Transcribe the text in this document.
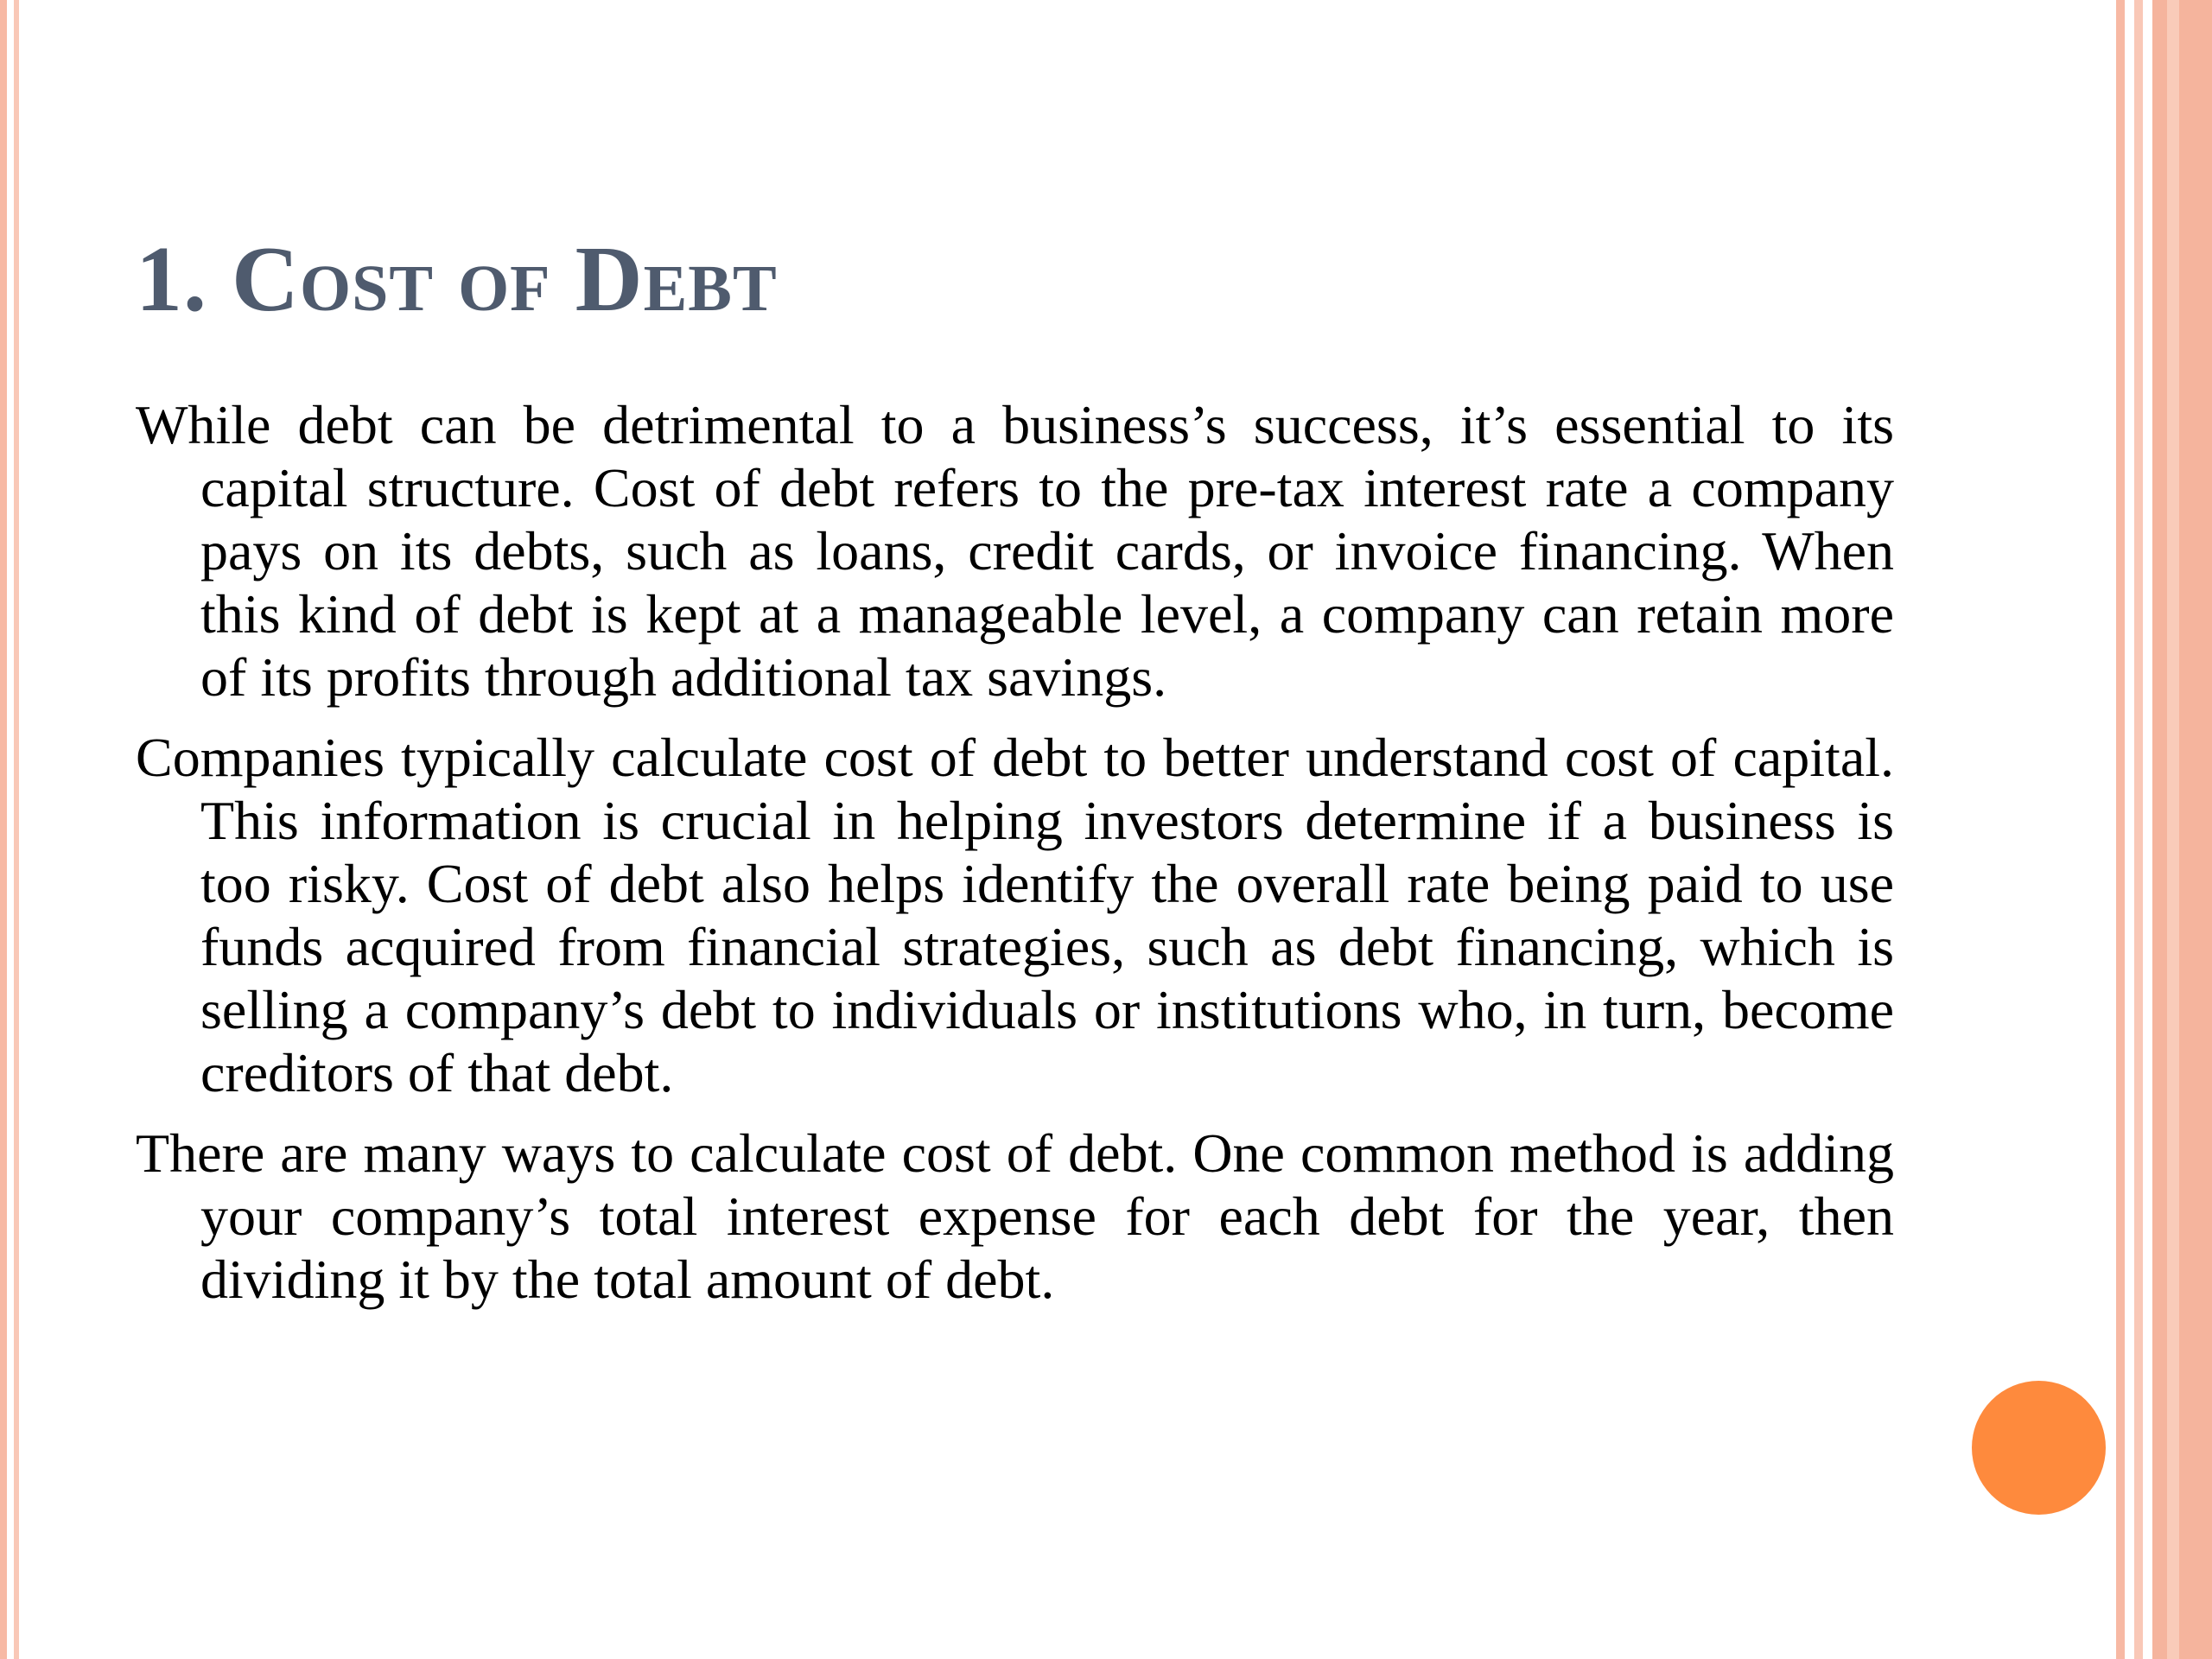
1. Cost of Debt

While debt can be detrimental to a business’s success, it’s essential to its capital structure. Cost of debt refers to the pre-tax interest rate a company pays on its debts, such as loans, credit cards, or invoice financing. When this kind of debt is kept at a manageable level, a company can retain more of its profits through additional tax savings.

Companies typically calculate cost of debt to better understand cost of capital. This information is crucial in helping investors determine if a business is too risky. Cost of debt also helps identify the overall rate being paid to use funds acquired from financial strategies, such as debt financing, which is selling a company’s debt to individuals or institutions who, in turn, become creditors of that debt.

There are many ways to calculate cost of debt. One common method is adding your company’s total interest expense for each debt for the year, then dividing it by the total amount of debt.
